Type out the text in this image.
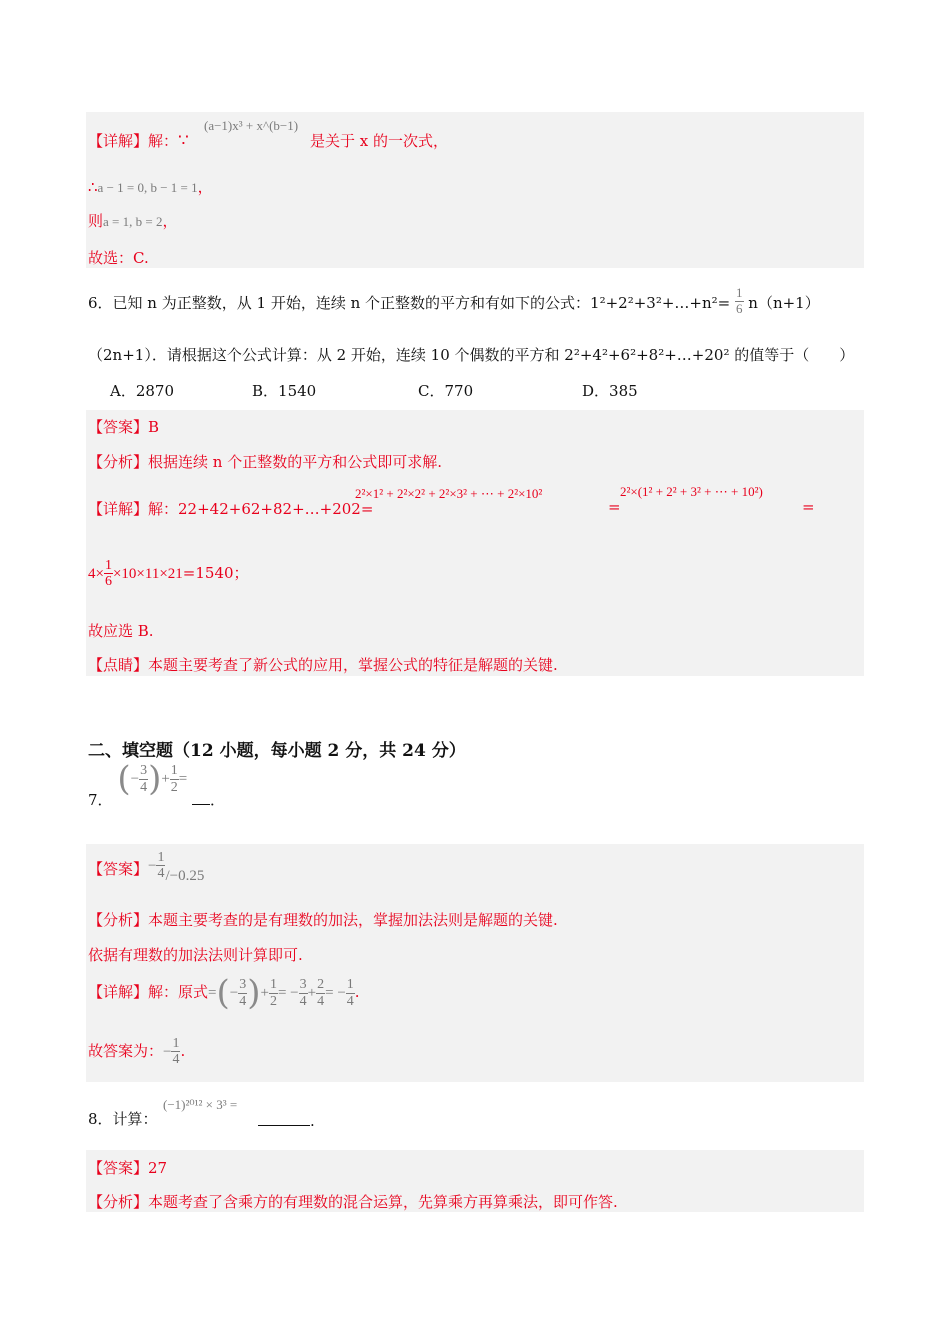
【详解】解：∵
(a−1)x³ + x^(b−1)
是关于 x 的一次式，
∴a − 1 = 0, b − 1 = 1，
则a = 1, b = 2，
故选：C.
6．已知 n 为正整数，从 1 开始，连续 n 个正整数的平方和有如下的公式：1²+2²+3²+…+n²= $\frac{1}{6} n(n+1)$
（2n+1）．请根据这个公式计算：从 2 开始，连续 10 个偶数的平方和 2²+4²+6²+8²+…+20² 的值等于（　　）
A．2870	B．1540	C．770	D．385
【答案】B
【分析】根据连续 n 个正整数的平方和公式即可求解.
【详解】解：22+42+62+82+…+202=
2²×1² + 2²×2² + 2²×3² + ⋯ + 2²×10²
=
2²×(1² + 2² + 3² + ⋯ + 10²)
=
$4\times \frac{1}{6} \times 10\times 11\times 21=1540$；
故应选 B.
【点睛】本题主要考查了新公式的应用，掌握公式的特征是解题的关键.
二、填空题（12 小题，每小题 2 分，共 24 分）
7． (− $\frac{3}{4}$ )+ $\frac{1}{2}$ = ．
【答案】− $\frac{1}{4} /-0.25$
【分析】本题主要考查的是有理数的加法，掌握加法法则是解题的关键.
依据有理数的加法法则计算即可.
【详解】解：原式=(− $\frac{3}{4}$ )+ $\frac{1}{2}$ = − $\frac{3}{4} + \frac{2}{4}$ = − $\frac{1}{4}$ .
故答案为：− $\frac{1}{4}$ .
8．计算：
(−1)²⁰¹² × 3³ =
.
【答案】27
【分析】本题考查了含乘方的有理数的混合运算，先算乘方再算乘法，即可作答.
